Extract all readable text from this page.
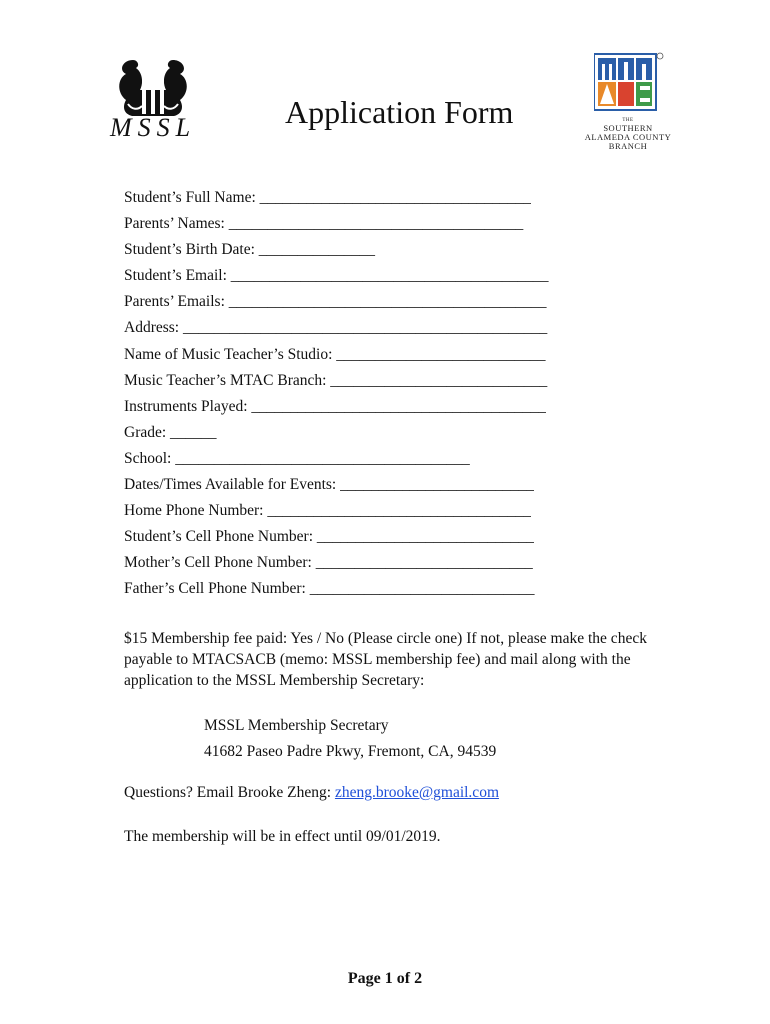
MSSL	Application Form	THE
SOUTHERN
ALAMEDA COUNTY
BRANCH
Student’s Full Name: ___________________________________
Parents’ Names: ______________________________________
Student’s Birth Date: _______________
Student’s Email: _________________________________________
Parents’ Emails: _________________________________________
Address: _______________________________________________
Name of Music Teacher’s Studio: ___________________________
Music Teacher’s MTAC Branch: ____________________________
Instruments Played: ______________________________________
Grade: ______
School: ______________________________________
Dates/Times Available for Events: _________________________
Home Phone Number: __________________________________
Student’s Cell Phone Number: ____________________________
Mother’s Cell Phone Number: ____________________________
Father’s Cell Phone Number: _____________________________
$15 Membership fee paid: Yes / No (Please circle one) If not, please make the check payable to MTACSACB (memo: MSSL membership fee) and mail along with the application to the MSSL Membership Secretary:
MSSL Membership Secretary
41682 Paseo Padre Pkwy, Fremont, CA, 94539
Questions? Email Brooke Zheng: zheng.brooke@gmail.com
The membership will be in effect until 09/01/2019.
Page 1 of 2
